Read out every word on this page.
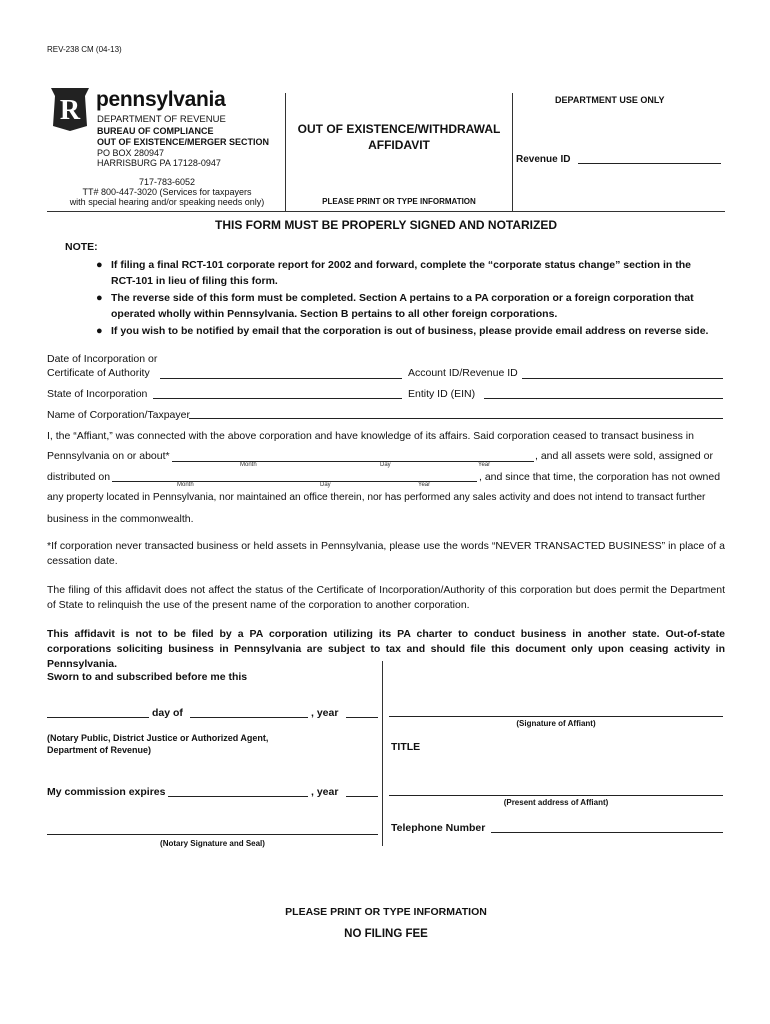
REV-238 CM (04-13)
R pennsylvania
DEPARTMENT OF REVENUE
BUREAU OF COMPLIANCE
OUT OF EXISTENCE/MERGER SECTION
PO BOX 280947
HARRISBURG PA 17128-0947
717-783-6052
TT# 800-447-3020 (Services for taxpayers
with special hearing and/or speaking needs only)
OUT OF EXISTENCE/WITHDRAWAL
AFFIDAVIT
PLEASE PRINT OR TYPE INFORMATION
DEPARTMENT USE ONLY
Revenue ID
THIS FORM MUST BE PROPERLY SIGNED AND NOTARIZED
NOTE:
● If filing a final RCT-101 corporate report for 2002 and forward, complete the “corporate status change” section in the RCT-101 in lieu of filing this form.
● The reverse side of this form must be completed. Section A pertains to a PA corporation or a foreign corporation that operated wholly within Pennsylvania. Section B pertains to all other foreign corporations.
● If you wish to be notified by email that the corporation is out of business, please provide email address on reverse side.
Date of Incorporation or
Certificate of Authority	Account ID/Revenue ID
State of Incorporation	Entity ID (EIN)
Name of Corporation/Taxpayer
I, the “Affiant,” was connected with the above corporation and have knowledge of its affairs. Said corporation ceased to transact business in
Pennsylvania on or about*
Month	Day	Year
, and all assets were sold, assigned or
distributed on
Month	Day	Year
, and since that time, the corporation has not owned
any property located in Pennsylvania, nor maintained an office therein, nor has performed any sales activity and does not intend to transact further
business in the commonwealth.
*If corporation never transacted business or held assets in Pennsylvania, please use the words “NEVER TRANSACTED BUSINESS” in place of a cessation date.
The filing of this affidavit does not affect the status of the Certificate of Incorporation/Authority of this corporation but does permit the Department of State to relinquish the use of the present name of the corporation to another corporation.
This affidavit is not to be filed by a PA corporation utilizing its PA charter to conduct business in another state. Out-of-state corporations soliciting business in Pennsylvania are subject to tax and should file this document only upon ceasing activity in Pennsylvania.
Sworn to and subscribed before me this
day of	, year
(Signature of Affiant)
(Notary Public, District Justice or Authorized Agent,
Department of Revenue)	TITLE
My commission expires	, year
(Present address of Affiant)
(Notary Signature and Seal)
Telephone Number
PLEASE PRINT OR TYPE INFORMATION
NO FILING FEE
